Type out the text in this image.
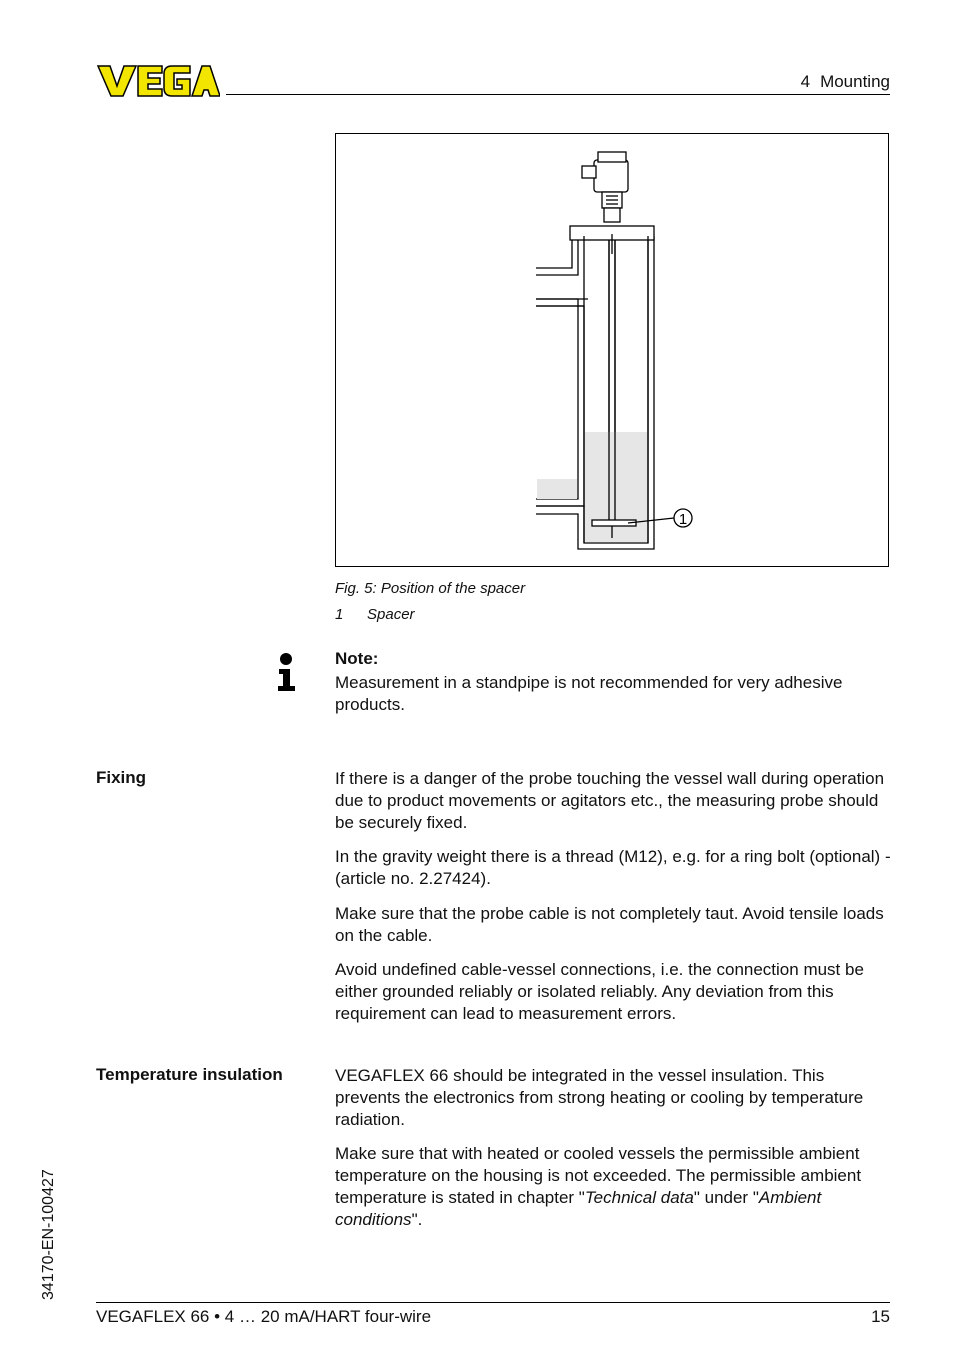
4 Mounting
1
Fig. 5: Position of the spacer
1 Spacer
Note:
Measurement in a standpipe is not recommended for very adhesive products.
Fixing	If there is a danger of the probe touching the vessel wall during operation due to product movements or agitators etc., the measuring probe should be securely fixed.
In the gravity weight there is a thread (M12), e.g. for a ring bolt (optional) - (article no. 2.27424).
Make sure that the probe cable is not completely taut. Avoid tensile loads on the cable.
Avoid undefined cable-vessel connections, i.e. the connection must be either grounded reliably or isolated reliably. Any deviation from this requirement can lead to measurement errors.
Temperature insulation	VEGAFLEX 66 should be integrated in the vessel insulation. This prevents the electronics from strong heating or cooling by temperature radiation.
Make sure that with heated or cooled vessels the permissible ambient temperature on the housing is not exceeded. The permissible ambient temperature is stated in chapter "Technical data" under "Ambient conditions".
34170-EN-100427
VEGAFLEX 66 • 4 … 20 mA/HART four-wire	15
